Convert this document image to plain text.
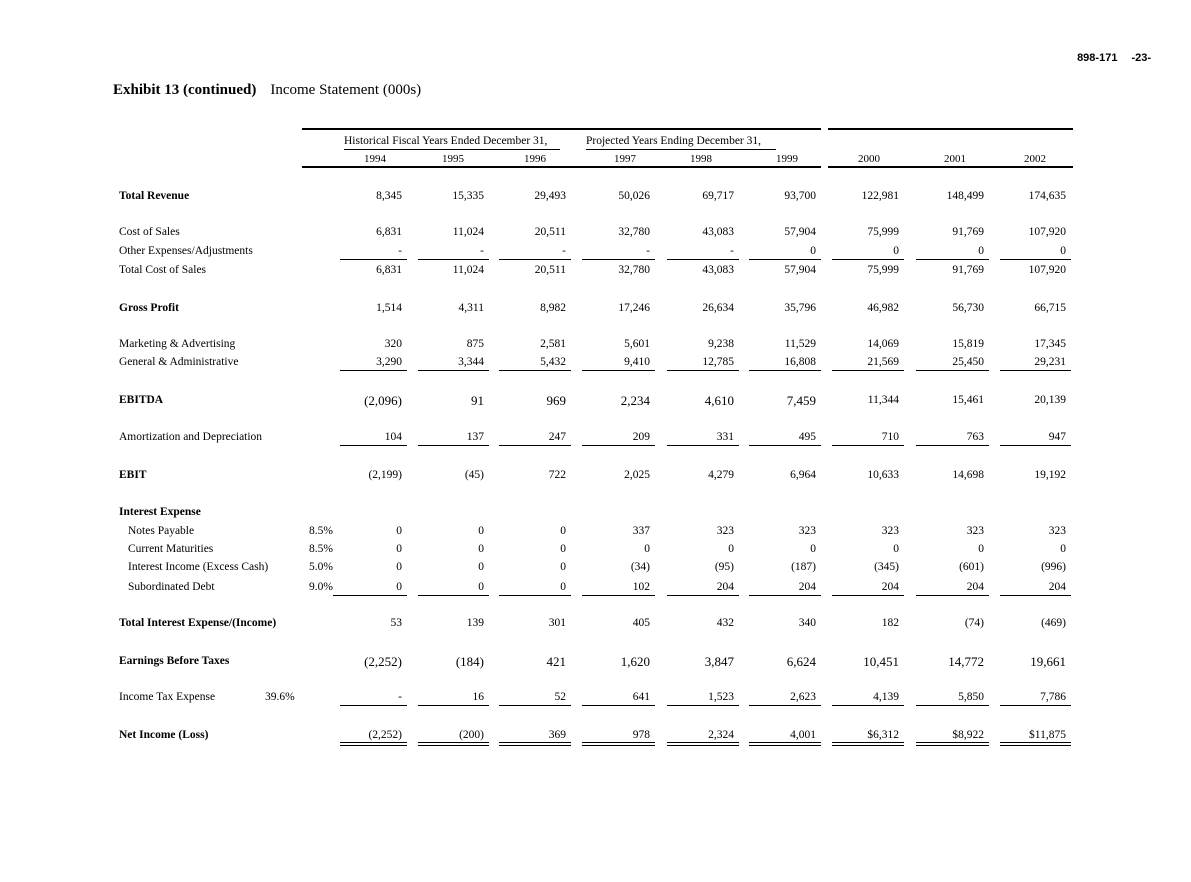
898-171 -23-
Exhibit 13 (continued) Income Statement (000s)
Historical Fiscal Years Ended December 31,	Projected Years Ending December 31,
1994	1995	1996	1997	1998	1999	2000	2001	2002
Total Revenue	8,345	15,335	29,493	50,026	69,717	93,700	122,981	148,499	174,635
Cost of Sales	6,831	11,024	20,511	32,780	43,083	57,904	75,999	91,769	107,920
Other Expenses/Adjustments	-	-	-	-	-	0	0	0	0
Total Cost of Sales	6,831	11,024	20,511	32,780	43,083	57,904	75,999	91,769	107,920
Gross Profit	1,514	4,311	8,982	17,246	26,634	35,796	46,982	56,730	66,715
Marketing & Advertising	320	875	2,581	5,601	9,238	11,529	14,069	15,819	17,345
General & Administrative	3,290	3,344	5,432	9,410	12,785	16,808	21,569	25,450	29,231
EBITDA	(2,096)	91	969	2,234	4,610	7,459	11,344	15,461	20,139
Amortization and Depreciation	104	137	247	209	331	495	710	763	947
EBIT	(2,199)	(45)	722	2,025	4,279	6,964	10,633	14,698	19,192
Interest Expense
Notes Payable	8.5%	0	0	0	337	323	323	323	323	323
Current Maturities	8.5%	0	0	0	0	0	0	0	0	0
Interest Income (Excess Cash)	5.0%	0	0	0	(34)	(95)	(187)	(345)	(601)	(996)
Subordinated Debt	9.0%	0	0	0	102	204	204	204	204	204
Total Interest Expense/(Income)	53	139	301	405	432	340	182	(74)	(469)
Earnings Before Taxes	(2,252)	(184)	421	1,620	3,847	6,624	10,451	14,772	19,661
Income Tax Expense	39.6%	-	16	52	641	1,523	2,623	4,139	5,850	7,786
Net Income (Loss)	(2,252)	(200)	369	978	2,324	4,001	$6,312	$8,922	$11,875
